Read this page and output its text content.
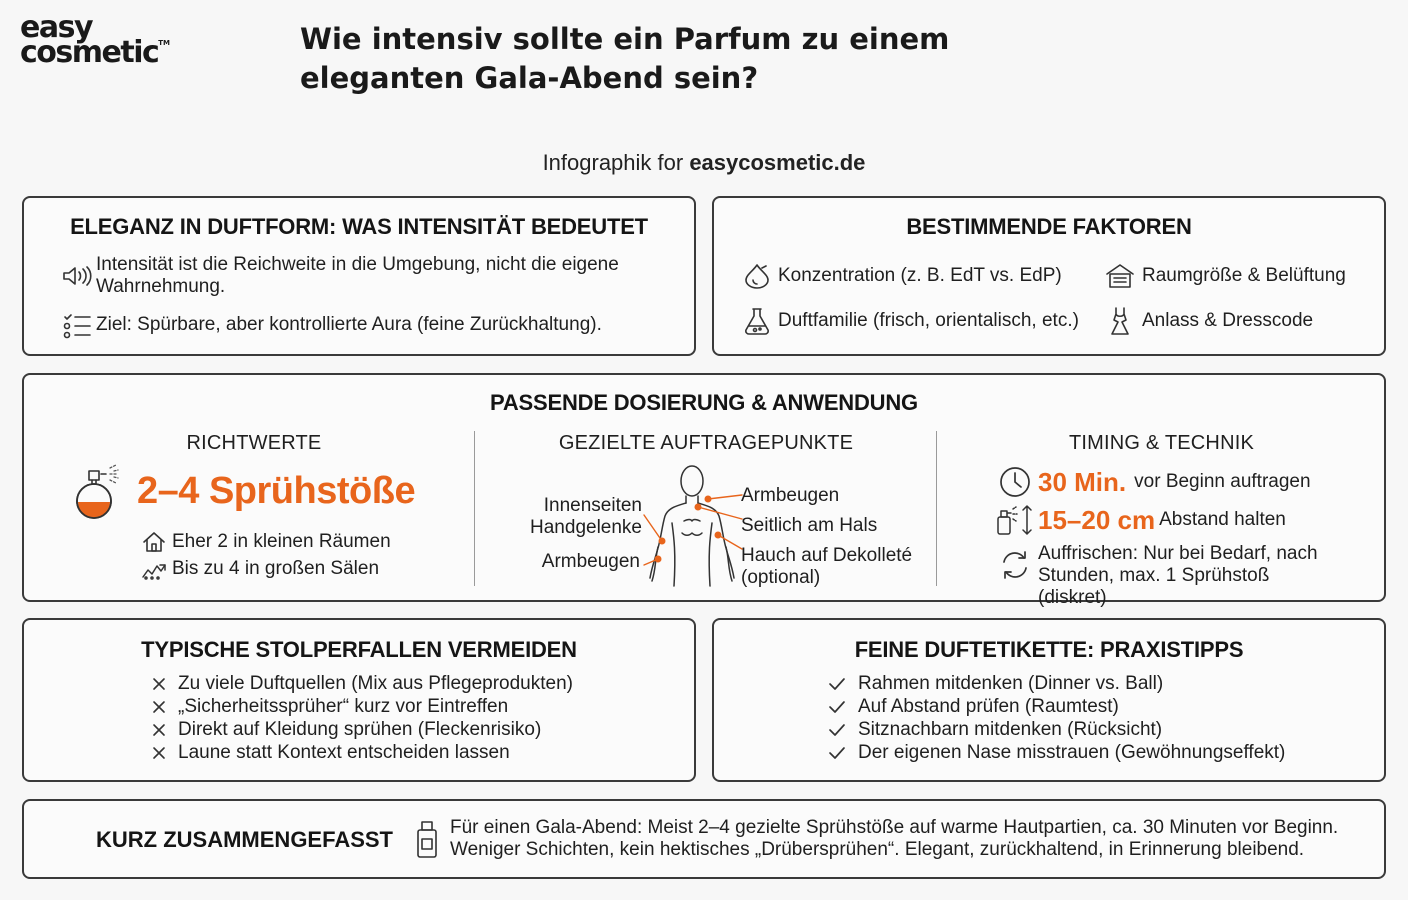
easy
cosmetic™	Wie intensiv sollte ein Parfum zu einem eleganten Gala-Abend sein?
Infographik for easycosmetic.de
ELEGANZ IN DUFTFORM: WAS INTENSITÄT BEDEUTET
Intensität ist die Reichweite in die Umgebung, nicht die eigene Wahrnehmung.
Ziel: Spürbare, aber kontrollierte Aura (feine Zurückhaltung).
BESTIMMENDE FAKTOREN
Konzentration (z. B. EdT vs. EdP)	Raumgröße & Belüftung
Duftfamilie (frisch, orientalisch, etc.)	Anlass & Dresscode
PASSENDE DOSIERUNG & ANWENDUNG
RICHTWERTE
2–4 Sprühstöße
Eher 2 in kleinen Räumen
Bis zu 4 in großen Sälen
GEZIELTE AUFTRAGEPUNKTE
Innenseiten Handgelenke
Armbeugen
Armbeugen
Seitlich am Hals
Hauch auf Dekolleté (optional)
TIMING & TECHNIK
30 Min. vor Beginn auftragen
15–20 cm Abstand halten
Auffrischen: Nur bei Bedarf, nach Stunden, max. 1 Sprühstoß (diskret)
TYPISCHE STOLPERFALLEN VERMEIDEN
Zu viele Duftquellen (Mix aus Pflegeprodukten)
„Sicherheitssprüher“ kurz vor Eintreffen
Direkt auf Kleidung sprühen (Fleckenrisiko)
Laune statt Kontext entscheiden lassen
FEINE DUFTETIKETTE: PRAXISTIPPS
Rahmen mitdenken (Dinner vs. Ball)
Auf Abstand prüfen (Raumtest)
Sitznachbarn mitdenken (Rücksicht)
Der eigenen Nase misstrauen (Gewöhnungseffekt)
KURZ ZUSAMMENGEFASST	Für einen Gala-Abend: Meist 2–4 gezielte Sprühstöße auf warme Hautpartien, ca. 30 Minuten vor Beginn. Weniger Schichten, kein hektisches „Drübersprühen“. Elegant, zurückhaltend, in Erinnerung bleibend.
